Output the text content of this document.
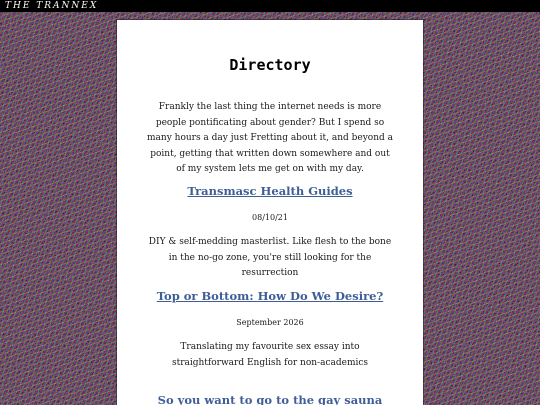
THE TRANNEX
Directory
Frankly the last thing the internet needs is more people pontificating about gender? But I spend so many hours a day just Fretting about it, and beyond a point, getting that written down somewhere and out of my system lets me get on with my day.
Transmasc Health Guides
08/10/21
DIY & self-medding masterlist. Like flesh to the bone in the no-go zone, you're still looking for the resurrection
Top or Bottom: How Do We Desire?
September 2026
Translating my favourite sex essay into straightforward English for non-academics
So you want to go to the gay sauna
